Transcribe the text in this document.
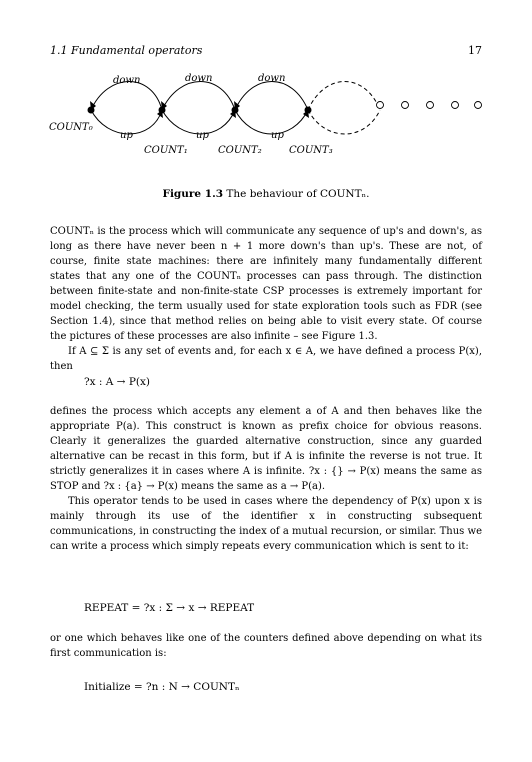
1.1 Fundamental operators	17
down	down	down
up	up	up
COUNT₀
COUNT₁	COUNT₂	COUNT₃
Figure 1.3 The behaviour of COUNTₙ.

COUNTₙ is the process which will communicate any sequence of up's and down's, as long as there have never been n + 1 more down's than up's. These are not, of course, finite state machines: there are infinitely many fundamentally different states that any one of the COUNTₙ processes can pass through. The distinction between finite-state and non-finite-state CSP processes is extremely important for model checking, the term usually used for state exploration tools such as FDR (see Section 1.4), since that method relies on being able to visit every state. Of course the pictures of these processes are also infinite – see Figure 1.3.

If A ⊆ Σ is any set of events and, for each x ∈ A, we have defined a process P(x), then

?x : A → P(x)

defines the process which accepts any element a of A and then behaves like the appropriate P(a). This construct is known as prefix choice for obvious reasons. Clearly it generalizes the guarded alternative construction, since any guarded alternative can be recast in this form, but if A is infinite the reverse is not true. It strictly generalizes it in cases where A is infinite. ?x : {} → P(x) means the same as STOP and ?x : {a} → P(x) means the same as a → P(a).

This operator tends to be used in cases where the dependency of P(x) upon x is mainly through its use of the identifier x in constructing subsequent communications, in constructing the index of a mutual recursion, or similar. Thus we can write a process which simply repeats every communication which is sent to it:

REPEAT = ?x : Σ → x → REPEAT

or one which behaves like one of the counters defined above depending on what its first communication is:

Initialize = ?n : N → COUNTₙ
